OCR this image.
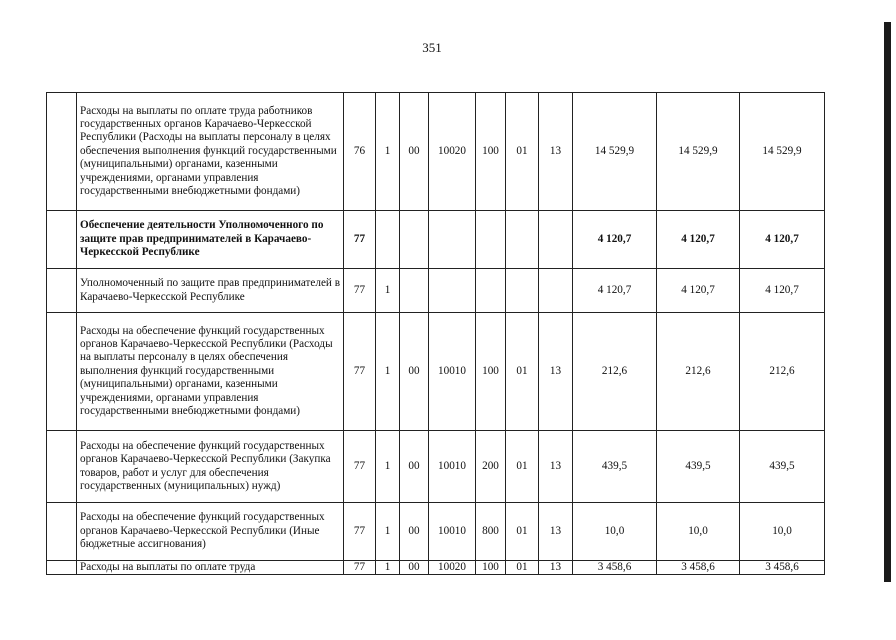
351
	Расходы на выплаты по оплате труда работников государственных органов Карачаево-Черкесской Республики (Расходы на выплаты персоналу в целях обеспечения выполнения функций государственными (муниципальными) органами, казенными учреждениями, органами управления государственными внебюджетными фондами)	76	1	00	10020	100	01	13	14 529,9	14 529,9	14 529,9
	Обеспечение деятельности Уполномоченного по защите прав предпринимателей в Карачаево-Черкесской Республике	77							4 120,7	4 120,7	4 120,7
	Уполномоченный по защите прав предпринимателей в Карачаево-Черкесской Республике	77	1						4 120,7	4 120,7	4 120,7
	Расходы на обеспечение функций государственных органов Карачаево-Черкесской Республики (Расходы на выплаты персоналу в целях обеспечения выполнения функций государственными (муниципальными) органами, казенными учреждениями, органами управления государственными внебюджетными фондами)	77	1	00	10010	100	01	13	212,6	212,6	212,6
	Расходы на обеспечение функций государственных органов Карачаево-Черкесской Республики (Закупка товаров, работ и услуг для обеспечения государственных (муниципальных) нужд)	77	1	00	10010	200	01	13	439,5	439,5	439,5
	Расходы на обеспечение функций государственных органов Карачаево-Черкесской Республики (Иные бюджетные ассигнования)	77	1	00	10010	800	01	13	10,0	10,0	10,0
	Расходы на выплаты по оплате труда	77	1	00	10020	100	01	13	3 458,6	3 458,6	3 458,6
